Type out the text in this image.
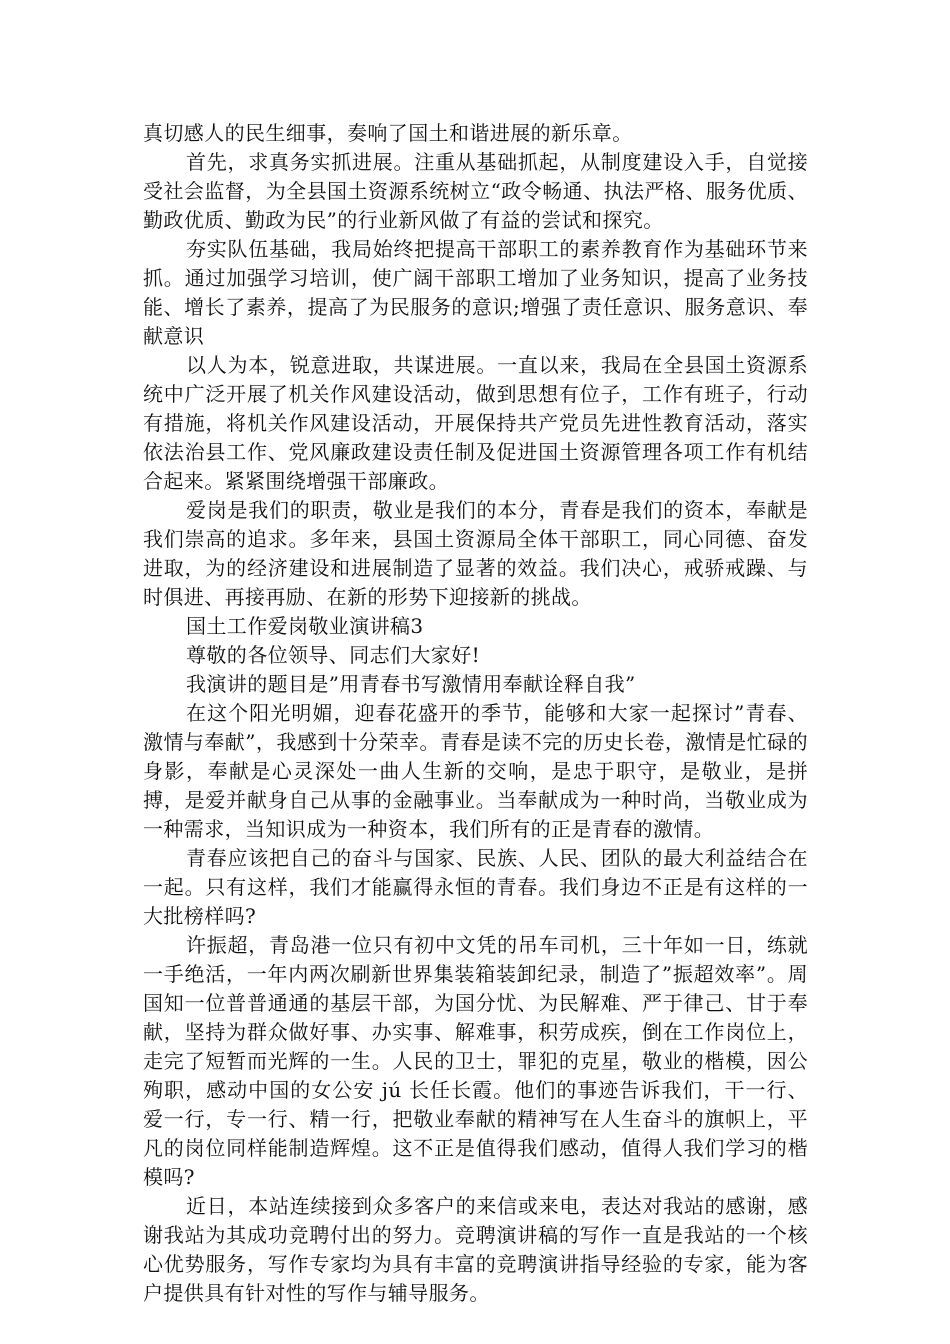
真切感人的民生细事，奏响了国土和谐进展的新乐章。

首先，求真务实抓进展。注重从基础抓起，从制度建设入手，自觉接受社会监督，为全县国土资源系统树立“政令畅通、执法严格、服务优质、勤政优质、勤政为民”的行业新风做了有益的尝试和探究。

夯实队伍基础，我局始终把提高干部职工的素养教育作为基础环节来抓。通过加强学习培训，使广阔干部职工增加了业务知识，提高了业务技能、增长了素养，提高了为民服务的意识;增强了责任意识、服务意识、奉献意识

以人为本，锐意进取，共谋进展。一直以来，我局在全县国土资源系统中广泛开展了机关作风建设活动，做到思想有位子，工作有班子，行动有措施，将机关作风建设活动，开展保持共产党员先进性教育活动，落实依法治县工作、党风廉政建设责任制及促进国土资源管理各项工作有机结合起来。紧紧围绕增强干部廉政。

爱岗是我们的职责，敬业是我们的本分，青春是我们的资本，奉献是我们崇高的追求。多年来，县国土资源局全体干部职工，同心同德、奋发进取，为的经济建设和进展制造了显著的效益。我们决心，戒骄戒躁、与时俱进、再接再励、在新的形势下迎接新的挑战。

国土工作爱岗敬业演讲稿3

尊敬的各位领导、同志们大家好!

我演讲的题目是”用青春书写激情用奉献诠释自我”

在这个阳光明媚，迎春花盛开的季节，能够和大家一起探讨”青春、激情与奉献”，我感到十分荣幸。青春是读不完的历史长卷，激情是忙碌的身影，奉献是心灵深处一曲人生新的交响，是忠于职守，是敬业，是拼搏，是爱并献身自己从事的金融事业。当奉献成为一种时尚，当敬业成为一种需求，当知识成为一种资本，我们所有的正是青春的激情。

青春应该把自己的奋斗与国家、民族、人民、团队的最大利益结合在一起。只有这样，我们才能赢得永恒的青春。我们身边不正是有这样的一大批榜样吗?

许振超，青岛港一位只有初中文凭的吊车司机，三十年如一日，练就一手绝活，一年内两次刷新世界集装箱装卸纪录，制造了”振超效率”。周国知一位普普通通的基层干部，为国分忧、为民解难、严于律己、甘于奉献，坚持为群众做好事、办实事、解难事，积劳成疾，倒在工作岗位上，走完了短暂而光辉的一生。人民的卫士，罪犯的克星，敬业的楷模，因公殉职，感动中国的女公安 jú 长任长霞。他们的事迹告诉我们，干一行、爱一行，专一行、精一行，把敬业奉献的精神写在人生奋斗的旗帜上，平凡的岗位同样能制造辉煌。这不正是值得我们感动，值得人我们学习的楷模吗?

近日，本站连续接到众多客户的来信或来电，表达对我站的感谢，感谢我站为其成功竞聘付出的努力。竞聘演讲稿的写作一直是我站的一个核心优势服务，写作专家均为具有丰富的竞聘演讲指导经验的专家，能为客户提供具有针对性的写作与辅导服务。
